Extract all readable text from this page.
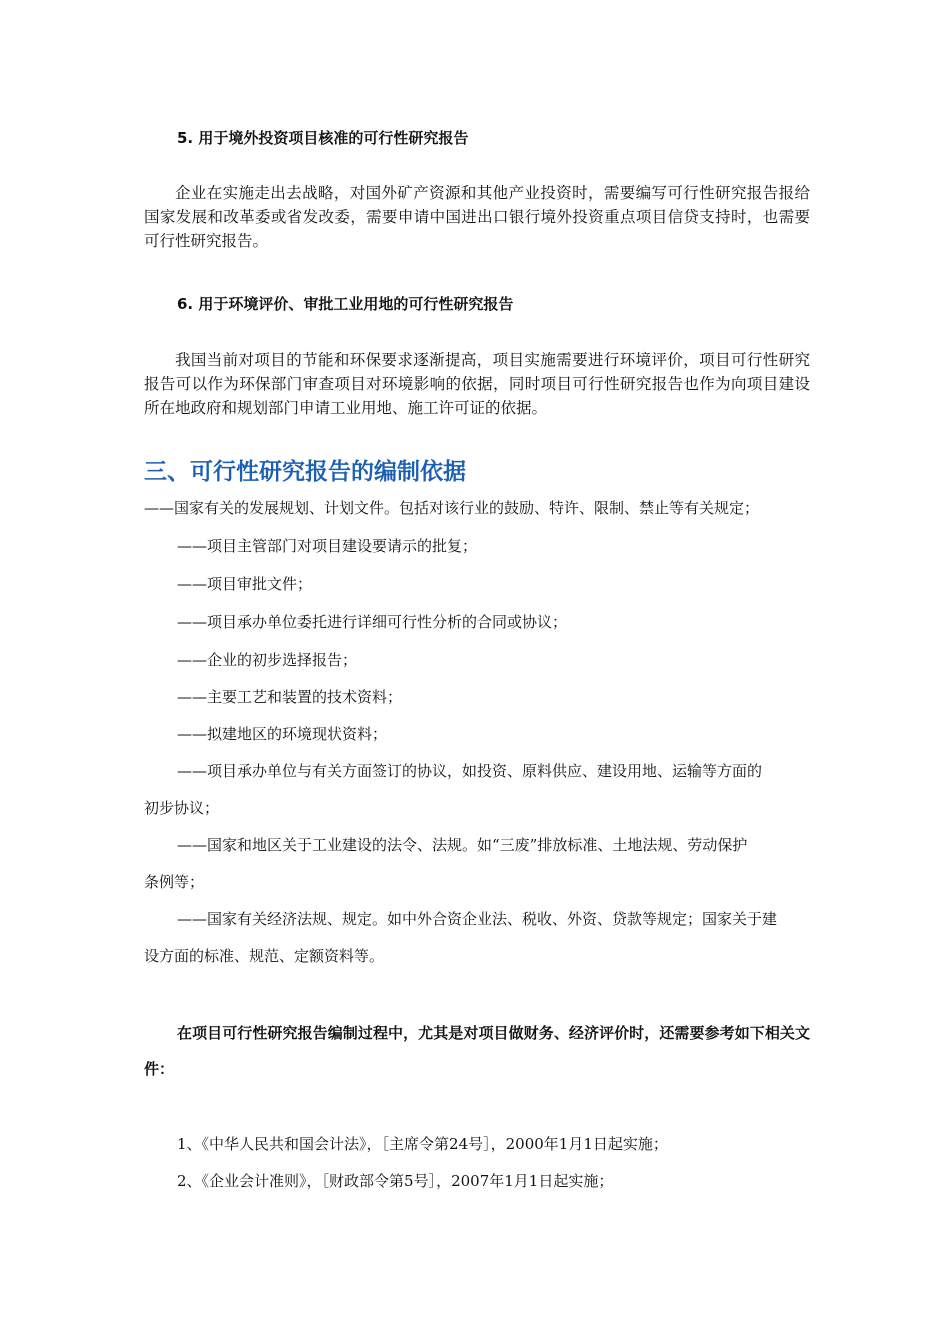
5. 用于境外投资项目核准的可行性研究报告

企业在实施走出去战略，对国外矿产资源和其他产业投资时，需要编写可行性研究报告报给国家发展和改革委或省发改委，需要申请中国进出口银行境外投资重点项目信贷支持时，也需要可行性研究报告。

6. 用于环境评价、审批工业用地的可行性研究报告

我国当前对项目的节能和环保要求逐渐提高，项目实施需要进行环境评价，项目可行性研究报告可以作为环保部门审查项目对环境影响的依据，同时项目可行性研究报告也作为向项目建设所在地政府和规划部门申请工业用地、施工许可证的依据。

三、可行性研究报告的编制依据
——国家有关的发展规划、计划文件。包括对该行业的鼓励、特许、限制、禁止等有关规定；
——项目主管部门对项目建设要请示的批复；
——项目审批文件；
——项目承办单位委托进行详细可行性分析的合同或协议；
——企业的初步选择报告；
——主要工艺和装置的技术资料；
——拟建地区的环境现状资料；
——项目承办单位与有关方面签订的协议，如投资、原料供应、建设用地、运输等方面的
初步协议；
——国家和地区关于工业建设的法令、法规。如“三废”排放标准、土地法规、劳动保护
条例等；
——国家有关经济法规、规定。如中外合资企业法、税收、外资、贷款等规定；国家关于建
设方面的标准、规范、定额资料等。

在项目可行性研究报告编制过程中，尤其是对项目做财务、经济评价时，还需要参考如下相关文件：

1、《中华人民共和国会计法》，［主席令第24号］，2000年1月1日起实施；
2、《企业会计准则》，［财政部令第5号］，2007年1月1日起实施；
